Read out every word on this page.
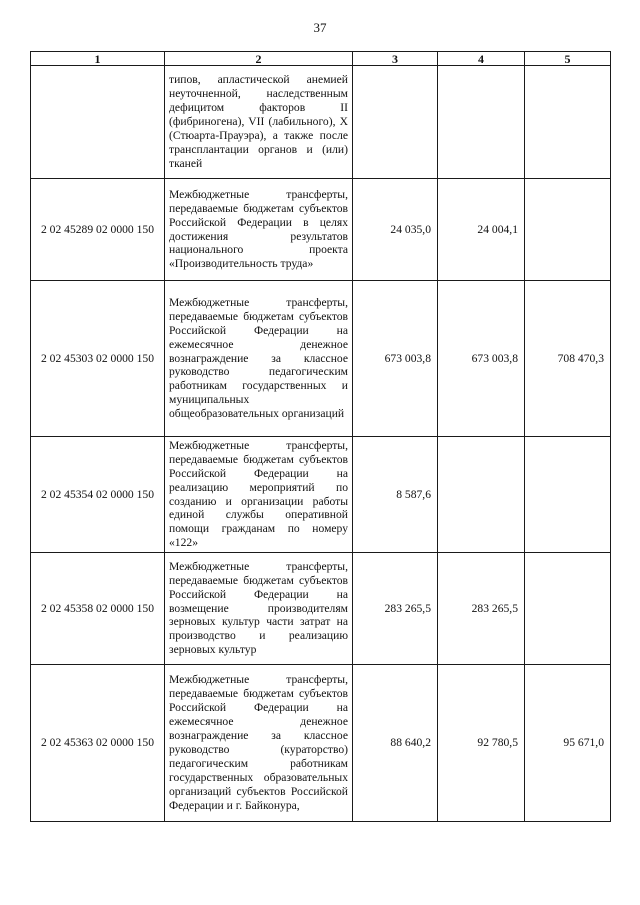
37
1	2	3	4	5
	типов, апластической анемией неуточненной, наследственным дефицитом факторов II (фибриногена), VII (лабильного), X (Стюарта-Прауэра), а также после трансплантации органов и (или) тканей			
2 02 45289 02 0000 150	Межбюджетные трансферты, передаваемые бюджетам субъектов Российской Федерации в целях достижения результатов национального проекта «Производительность труда»	24 035,0	24 004,1	
2 02 45303 02 0000 150	Межбюджетные трансферты, передаваемые бюджетам субъектов Российской Федерации на ежемесячное денежное вознаграждение за классное руководство педагогическим работникам государственных и муниципальных общеобразовательных организаций	673 003,8	673 003,8	708 470,3
2 02 45354 02 0000 150	Межбюджетные трансферты, передаваемые бюджетам субъектов Российской Федерации на реализацию мероприятий по созданию и организации работы единой службы оперативной помощи гражданам по номеру «122»	8 587,6		
2 02 45358 02 0000 150	Межбюджетные трансферты, передаваемые бюджетам субъектов Российской Федерации на возмещение производителям зерновых культур части затрат на производство и реализацию зерновых культур	283 265,5	283 265,5	
2 02 45363 02 0000 150	Межбюджетные трансферты, передаваемые бюджетам субъектов Российской Федерации на ежемесячное денежное вознаграждение за классное руководство (кураторство) педагогическим работникам государственных образовательных организаций субъектов Российской Федерации и г. Байконура,	88 640,2	92 780,5	95 671,0
